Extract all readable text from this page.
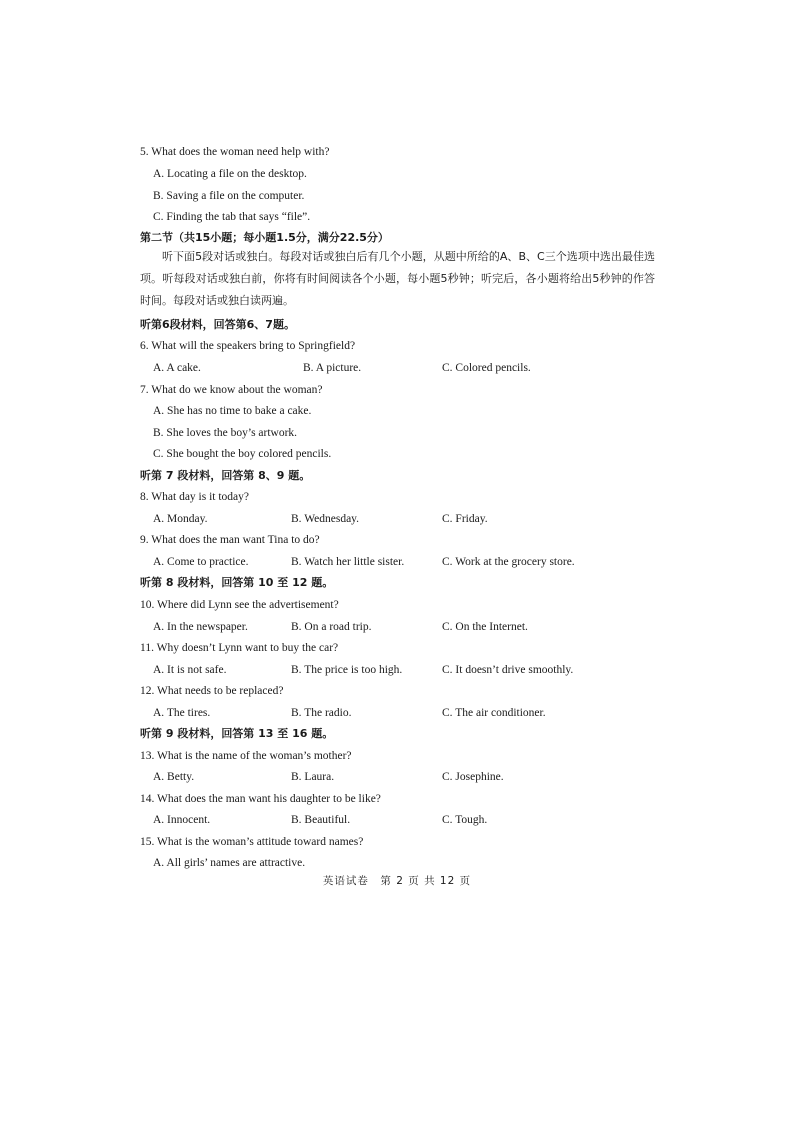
5. What does the woman need help with?
A. Locating a file on the desktop.
B. Saving a file on the computer.
C. Finding the tab that says “file”.
第二节（共15小题；每小题1.5分，满分22.5分）
听下面5段对话或独白。每段对话或独白后有几个小题，从题中所给的A、B、C三个选项中选出最佳选项。听每段对话或独白前，你将有时间阅读各个小题，每小题5秒钟；听完后，各小题将给出5秒钟的作答时间。每段对话或独白读两遍。
听第6段材料，回答第6、7题。
6. What will the speakers bring to Springfield?
A. A cake.	B. A picture.	C. Colored pencils.
7. What do we know about the woman?
A. She has no time to bake a cake.
B. She loves the boy’s artwork.
C. She bought the boy colored pencils.
听第 7 段材料，回答第 8、9 题。
8. What day is it today?
A. Monday.	B. Wednesday.	C. Friday.
9. What does the man want Tina to do?
A. Come to practice.	B. Watch her little sister.	C. Work at the grocery store.
听第 8 段材料，回答第 10 至 12 题。
10. Where did Lynn see the advertisement?
A. In the newspaper.	B. On a road trip.	C. On the Internet.
11. Why doesn’t Lynn want to buy the car?
A. It is not safe.	B. The price is too high.	C. It doesn’t drive smoothly.
12. What needs to be replaced?
A. The tires.	B. The radio.	C. The air conditioner.
听第 9 段材料，回答第 13 至 16 题。
13. What is the name of the woman’s mother?
A. Betty.	B. Laura.	C. Josephine.
14. What does the man want his daughter to be like?
A. Innocent.	B. Beautiful.	C. Tough.
15. What is the woman’s attitude toward names?
A. All girls’ names are attractive.
英语试卷　第 2 页 共 12 页
